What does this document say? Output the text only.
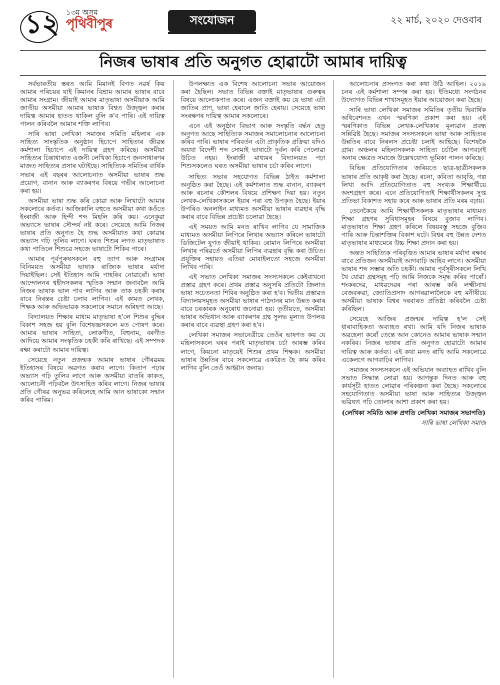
১২ ১৩ম অসম
পৃথিবীপুৰ	সংযোজন	২২ মাৰ্চ, ২০২০ দেওবাৰ
নিজৰ ভাষাৰ প্ৰতি অনুগত হোৱাটো আমাৰ দায়িত্ব

সৰ্বভাৰতীয় স্তৰত আমি মিমানই বিগত নৱৰ্ষ কিয় আমাৰ পৰিচয়ৰ যাই কিমানৰ বিশ্ৰাম আমাৰ ভাষাৰ বাবে আমাৰ সংগ্ৰাম। জীয়াই আমাৰ মাতৃভাষা অসমীয়াক আমি জাতীয় অসমীয়া আমাৰ ভাষাক বিশ্বত উজ্জ্বল কৰাৰ দায়িত্ব আমাৰ হাতত থাকিল বুলি ক'ব পাৰি। এই দায়িত্ব পালন কৰিবলৈ আমাৰ শক্তি লাগিব।

সাৰি ভাষা লেখিকা সমাজৰ সমিতি মহিলাৰ এক সাহিত্য সাংস্কৃতিক অনুষ্ঠান হিচাপে সাহিত্যৰ জীৱন্ত কৰ্মশালা হিচাপে এই দায়িত্ব গ্ৰহণ কৰিছে। অসমীয়া সাহিত্যৰ চিন্তাধাৰাত এজনী লেখিকা হিচাপে জনসাধাৰণৰ মাজত সাহিত্যৰ প্ৰসাৰ ঘটাইছে। সাহিত্যিক সমিতিৰ বাৰ্ষিক সভাৰ এই বছৰৰ আলোচনাত অসমীয়া ভাষাৰ শুদ্ধ প্ৰয়োগ, বানান আৰু ব্যাকৰণৰ বিষয়ে গভীৰ আলোচনা কৰা হয়।

অসমীয়া ভাষা শুদ্ধ কৰি কোৱা আৰু লিখাটো আমাৰ সকলোৰে কৰ্তব্য। আজিকালি বহুতে অসমীয়া কথা কওঁতে ইংৰাজী আৰু হিন্দী শব্দ মিহলি কৰি কয়। এনেকুৱা অভ্যাসে ভাষাৰ সৌন্দৰ্য নষ্ট কৰে। সেয়েহে আমি নিজৰ ভাষাৰ প্ৰতি অনুগত হৈ শুদ্ধ অসমীয়াত কথা কোৱাৰ অভ্যাস গঢ়ি তুলিব লাগে। ঘৰত শিশুৰ লগত মাতৃভাষাত কথা পাতিলে শিশুৱে সহজে ভাষাটো শিকিব পাৰে।

আমাৰ পূৰ্বপুৰুষসকলে বহু ত্যাগ আৰু সংগ্ৰামৰ বিনিময়ত অসমীয়া ভাষাক ৰাজ্যিক ভাষাৰ মৰ্যাদা দিয়াইছিল। সেই ইতিহাস আমি পাহৰিব নোৱাৰোঁ। ভাষা আন্দোলনৰ শ্বহীদসকলৰ স্মৃতিক সন্মান জনাবলৈ আমি নিজৰ ভাষাক ভাল পাব লাগিব আৰু তাক চহকী কৰাৰ বাবে নিৰন্তৰ চেষ্টা চলাব লাগিব। এই কামত লেখক, শিক্ষক আৰু অভিভাৱক সকলোৰে সমানে অৰিহণা আছে।

বিদ্যালয়ত শিক্ষাৰ মাধ্যম মাতৃভাষা হ'লে শিশুৰ বুদ্ধিৰ বিকাশ সহজ হয় বুলি বিশেষজ্ঞসকলে মত পোষণ কৰে। আমাৰ ভাষাৰ সাহিত্য, লোকগীত, বিহুনাম, বৰগীত আদিয়ে আমাৰ সংস্কৃতিক চহকী কৰি ৰাখিছে। এই সম্পদক ৰক্ষা কৰাটো আমাৰ দায়িত্ব।

সেয়েহে নতুন প্ৰজন্মক আমাৰ ভাষাৰ গৌৰৱময় ইতিহাসৰ বিষয়ে অৱগত কৰাব লাগে। কিতাপ পঢ়াৰ অভ্যাস গঢ়ি তুলিব লাগে আৰু অসমীয়া বাতৰি কাকত, আলোচনী পঢ়িবলৈ উৎসাহিত কৰিব লাগে। নিজৰ ভাষাৰ প্ৰতি গৌৰৱ অনুভৱ কৰিলেহে আমি আন ভাষাকো সন্মান কৰিব পাৰিম।

উপলক্ষ্যত এক বিশেষ আলোচনা সভাৰ আয়োজন কৰা হৈছিল। সভাত বিভিন্ন বক্তাই মাতৃভাষাৰ গুৰুত্বৰ বিষয়ে আলোকপাত কৰে। এজন বক্তাই কয় যে ভাষা এটা জাতিৰ প্ৰাণ, ভাষা হেৰালে জাতি হেৰায়। সেয়েহে ভাষা সংৰক্ষণৰ দায়িত্ব আমাৰ সকলোৰে।

এনে এই অনুষ্ঠান বিভাগ আৰু সংস্কৃতি বৰ্দ্ধন হেতু অনুগত আছে সাহিত্যিক সমাজৰ সমালোচনাৰ আলোচনা কৰিব পাৰি। ভাষাৰ পৰিবৰ্তন এটা প্ৰাকৃতিক প্ৰক্ৰিয়া যদিও অযথা বিদেশী শব্দ সোমাই ভাষাটো দুৰ্বল কৰি পেলোৱা উচিত নহয়। ইংৰাজী মাধ্যমৰ বিদ্যালয়ত পঢ়া শিশুসকলেও ঘৰত অসমীয়া ভাষাৰ চৰ্চা কৰিব লাগে।

সাহিত্য সভাৰ সহযোগত বিভিন্ন ঠাইত কৰ্মশালা অনুষ্ঠিত কৰা হৈছে। এই কৰ্মশালাত শুদ্ধ বানান, ব্যাকৰণ আৰু ৰচনাৰ কৌশলৰ বিষয়ে প্ৰশিক্ষণ দিয়া হয়। নতুন লেখক-লেখিকাসকলে ইয়াৰ পৰা বহু উপকৃত হৈছে। ইয়াৰ উপৰিও অনলাইন মাধ্যমত অসমীয়া ভাষাৰ ব্যৱহাৰ বৃদ্ধি কৰাৰ বাবে বিভিন্ন প্ৰচেষ্টা চলোৱা হৈছে।

এই সময়ত আমি মনত ৰাখিব লাগিব যে সামাজিক মাধ্যমত অসমীয়া লিপিৰে লিখাৰ অভ্যাস কৰিলে ভাষাটো ডিজিটেল যুগত জীয়াই থাকিব। ৰোমান লিপিৰে অসমীয়া লিখাৰ পৰিৱৰ্তে অসমীয়া লিপিৰ ব্যৱহাৰ বৃদ্ধি কৰা উচিত। প্ৰযুক্তিৰ সহায়ত এতিয়া মোবাইলতো সহজে অসমীয়া লিখিব পাৰি।

এই সভাত লেখিকা সমাজৰ সদস্যসকলে কেইবাখনো প্ৰস্তাৱ গ্ৰহণ কৰে। প্ৰথম প্ৰস্তাৱ অনুসৰি প্ৰতিটো জিলাত ভাষা সচেতনতা শিবিৰ অনুষ্ঠিত কৰা হ'ব। দ্বিতীয় প্ৰস্তাৱত বিদ্যালয়সমূহত অসমীয়া ভাষাৰ পাঠদানৰ মান উন্নত কৰাৰ বাবে চৰকাৰক অনুৰোধ জনোৱা হয়। তৃতীয়তে, অসমীয়া ভাষাৰ অভিধান আৰু ব্যাকৰণৰ গ্ৰন্থ সুলভ মূল্যত উপলব্ধ কৰাৰ বাবে ব্যৱস্থা গ্ৰহণ কৰা হ'ব।

লেখিকা সমাজৰ সভানেত্ৰীয়ে তেওঁৰ ভাষণত কয় যে মহিলাসকলে ঘৰৰ পৰাই মাতৃভাষাৰ চৰ্চা আৰম্ভ কৰিব লাগে, কিয়নো মাতৃয়েই শিশুৰ প্ৰথম শিক্ষক। অসমীয়া ভাষাৰ উন্নতিৰ বাবে সকলোৱে একত্ৰিত হৈ কাম কৰিব লাগিব বুলি তেওঁ আহ্বান জনায়।

আলোচনাৰ প্ৰসংগত কৰা কথা উঠি আহিল। ২০১৯ চনৰ এই কৰ্মশালা সম্পন্ন কৰা হয়। ইতিমধ্যে সংগঠনৰ উদ্যোগত বিভিন্ন শাখাসমূহত ইয়াৰ আয়োজন কৰা হৈছে।

সাৰি ভাষা লেখিকা সমাজৰ সমিতিৰ তৃতীয় দ্বিবাৰ্ষিক অধিবেশনত এখন স্মৰণিকা প্ৰকাশ কৰা হয়। এই স্মৰণিকাত বিভিন্ন লেখক-লেখিকাৰ মূল্যৱান প্ৰবন্ধ সন্নিৱিষ্ট হৈছে। সমাজৰ সদস্যসকলে ভাষা আৰু সাহিত্যৰ উন্নতিৰ বাবে নিৰলস প্ৰচেষ্টা চলাই আহিছে। বিশেষকৈ গ্ৰাম্য অঞ্চলৰ মহিলাসকলক সাহিত্য চৰ্চালৈ আগবঢ়াই অনাৰ ক্ষেত্ৰত সমাজে উল্লেখযোগ্য ভূমিকা পালন কৰিছে।

বিভিন্ন প্ৰতিযোগিতাৰ জৰিয়তে ছাত্ৰ-ছাত্ৰীসকলক ভাষাৰ প্ৰতি আকৃষ্ট কৰা হৈছে। ৰচনা, কবিতা আবৃত্তি, গল্প লিখা আদি প্ৰতিযোগিতাত বহু সংখ্যক শিক্ষাৰ্থীয়ে অংশগ্ৰহণ কৰে। এনে প্ৰতিযোগিতাই শিক্ষাৰ্থীসকলৰ সুপ্ত প্ৰতিভা বিকাশত সহায় কৰে আৰু ভাষাৰ প্ৰতি মৰম বঢ়ায়।

তেনেকৈয়ে আমি শিক্ষাৰ্থীসকলক মাতৃভাষাৰ মাধ্যমত শিক্ষা গ্ৰহণৰ সুবিধাসমূহৰ বিষয়ে বুজাব লাগিব। মাতৃভাষাত শিক্ষা গ্ৰহণ কৰিলে বিষয়বস্তু সহজে বুজিব পাৰি আৰু চিন্তাশক্তিৰ বিকাশ ঘটে। বিশ্বৰ বহু উন্নত দেশত মাতৃভাষাৰ মাধ্যমেৰে উচ্চ শিক্ষা প্ৰদান কৰা হয়।

অন্তত সাহিত্যিক পৰিবৃত্তিত আমাৰ ভাষাৰ মৰ্যাদা ৰক্ষাৰ বাবে প্ৰতিজন অসমীয়াই আগবাঢ়ি আহিব লাগে। অসমীয়া ভাষাৰ শব্দ সম্ভাৰ অতি চহকী। আমাৰ পূৰ্বসূৰীসকলে লিখি থৈ যোৱা গ্ৰন্থসমূহ পঢ়ি আমি নিজকে সমৃদ্ধ কৰিব পাৰোঁ। শংকৰদেৱ, মাধৱদেৱৰ পৰা আৰম্ভ কৰি লক্ষ্মীনাথ বেজবৰুৱা, জ্যোতিপ্ৰসাদ আগৰৱালালৈকে বহু মনীষীয়ে অসমীয়া ভাষাক বিশ্বৰ দৰবাৰত প্ৰতিষ্ঠা কৰিবলৈ চেষ্টা কৰিছিল।

সেয়েহে আজিৰ প্ৰজন্মৰ দায়িত্ব হ'ল সেই ধাৰাবাহিকতা অব্যাহত ৰখা। আমি যদি নিজৰ ভাষাক অৱহেলা কৰোঁ তেন্তে আন কোনেও আমাৰ ভাষাক সন্মান নকৰিব। নিজৰ ভাষাৰ প্ৰতি অনুগত হোৱাটো আমাৰ দায়িত্ব আৰু কৰ্তব্য। এই কথা মনত ৰাখি আমি সকলোৱে একেলগে আগবাঢ়িব লাগিব।

সমাজৰ সদস্যসকলে এই অভিযান অব্যাহত ৰাখিব বুলি সভাত সিদ্ধান্ত লোৱা হয়। আগন্তুক দিনত আৰু বহু কাৰ্যসূচী হাতত লোৱাৰ পৰিকল্পনা কৰা হৈছে। সকলোৰে সহযোগিতাত অসমীয়া ভাষা আৰু সাহিত্যৰ উজ্জ্বল ভৱিষ্যৎ গঢ়ি তোলাৰ আশা প্ৰকাশ কৰা হয়।

(লেখিকা সমিতি আৰু প্ৰগতি লেখিকা সমাজৰ সভাপতি)
সাৰি ভাষা লেখিকা সমাজ
